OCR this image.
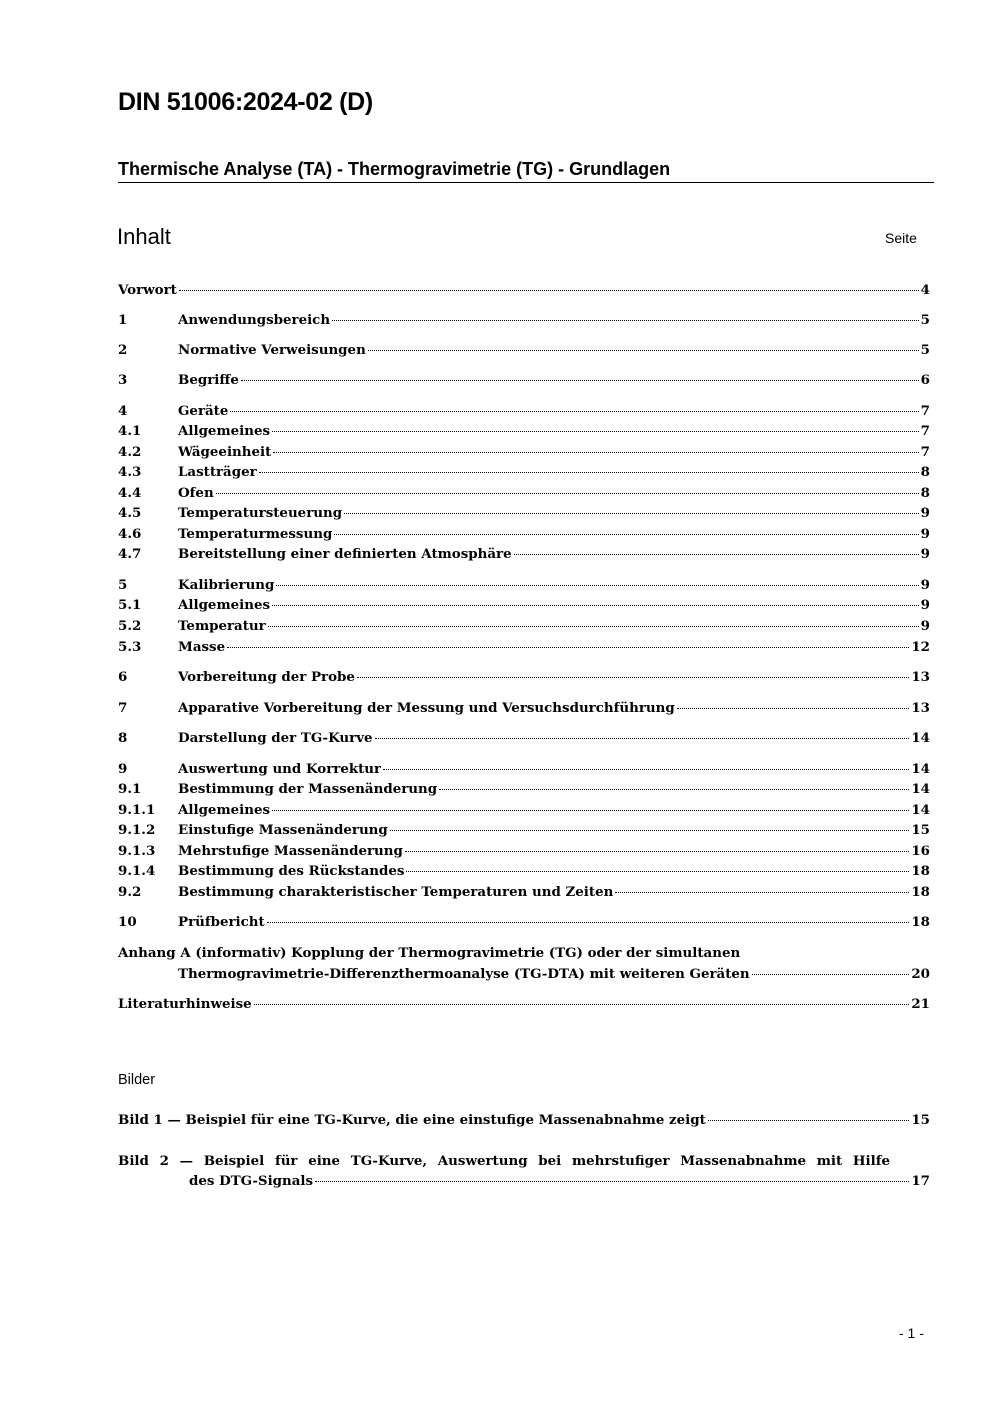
DIN 51006:2024-02 (D)
Thermische Analyse (TA) - Thermogravimetrie (TG) - Grundlagen
Inhalt	Seite
Vorwort	4
1	Anwendungsbereich	5
2	Normative Verweisungen	5
3	Begriffe	6
4	Geräte	7
4.1	Allgemeines	7
4.2	Wägeeinheit	7
4.3	Lastträger	8
4.4	Ofen	8
4.5	Temperatursteuerung	9
4.6	Temperaturmessung	9
4.7	Bereitstellung einer definierten Atmosphäre	9
5	Kalibrierung	9
5.1	Allgemeines	9
5.2	Temperatur	9
5.3	Masse	12
6	Vorbereitung der Probe	13
7	Apparative Vorbereitung der Messung und Versuchsdurchführung	13
8	Darstellung der TG-Kurve	14
9	Auswertung und Korrektur	14
9.1	Bestimmung der Massenänderung	14
9.1.1	Allgemeines	14
9.1.2	Einstufige Massenänderung	15
9.1.3	Mehrstufige Massenänderung	16
9.1.4	Bestimmung des Rückstandes	18
9.2	Bestimmung charakteristischer Temperaturen und Zeiten	18
10	Prüfbericht	18
Anhang A (informativ) Kopplung der Thermogravimetrie (TG) oder der simultanen
Thermogravimetrie-Differenzthermoanalyse (TG-DTA) mit weiteren Geräten	20
Literaturhinweise	21
Bilder
Bild 1 — Beispiel für eine TG-Kurve, die eine einstufige Massenabnahme zeigt	15
Bild 2 — Beispiel für eine TG-Kurve, Auswertung bei mehrstufiger Massenabnahme mit Hilfe
des DTG-Signals	17
- 1 -
